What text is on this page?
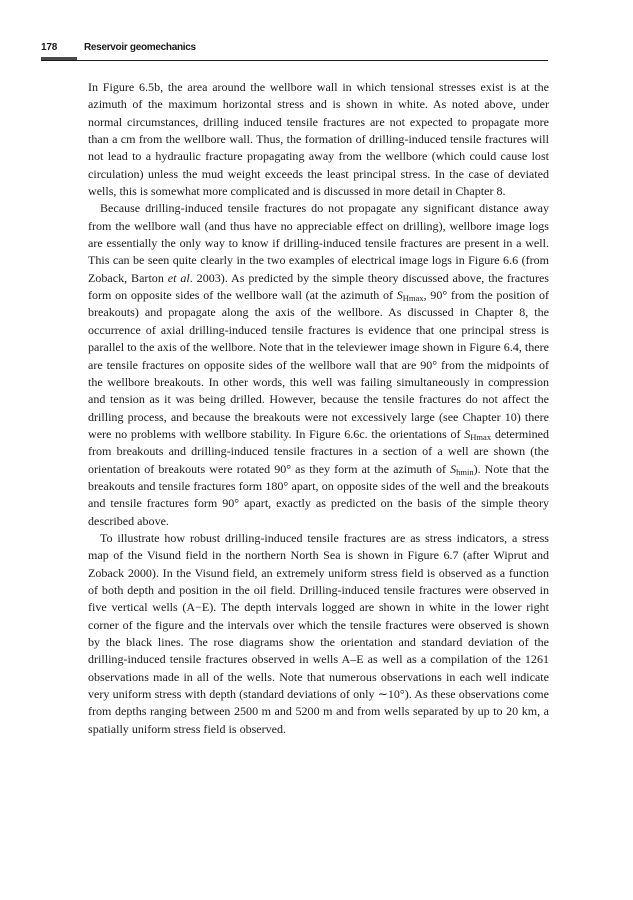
178	Reservoir geomechanics

In Figure 6.5b, the area around the wellbore wall in which tensional stresses exist is at the azimuth of the maximum horizontal stress and is shown in white. As noted above, under normal circumstances, drilling induced tensile fractures are not expected to propagate more than a cm from the wellbore wall. Thus, the formation of drilling-induced tensile fractures will not lead to a hydraulic fracture propagating away from the wellbore (which could cause lost circulation) unless the mud weight exceeds the least principal stress. In the case of deviated wells, this is somewhat more complicated and is discussed in more detail in Chapter 8.

Because drilling-induced tensile fractures do not propagate any significant distance away from the wellbore wall (and thus have no appreciable effect on drilling), wellbore image logs are essentially the only way to know if drilling-induced tensile fractures are present in a well. This can be seen quite clearly in the two examples of electrical image logs in Figure 6.6 (from Zoback, Barton et al. 2003). As predicted by the simple theory discussed above, the fractures form on opposite sides of the wellbore wall (at the azimuth of $S_{Hmax}$, 90° from the position of breakouts) and propagate along the axis of the wellbore. As discussed in Chapter 8, the occurrence of axial drilling-induced tensile fractures is evidence that one principal stress is parallel to the axis of the wellbore. Note that in the televiewer image shown in Figure 6.4, there are tensile fractures on opposite sides of the wellbore wall that are 90° from the midpoints of the wellbore breakouts. In other words, this well was failing simultaneously in compression and tension as it was being drilled. However, because the tensile fractures do not affect the drilling process, and because the breakouts were not excessively large (see Chapter 10) there were no problems with wellbore stability. In Figure 6.6c. the orientations of $S_{Hmax}$ determined from breakouts and drilling-induced tensile fractures in a section of a well are shown (the orientation of breakouts were rotated 90° as they form at the azimuth of $S_{hmin}$). Note that the breakouts and tensile fractures form 180° apart, on opposite sides of the well and the breakouts and tensile fractures form 90° apart, exactly as predicted on the basis of the simple theory described above.

To illustrate how robust drilling-induced tensile fractures are as stress indicators, a stress map of the Visund field in the northern North Sea is shown in Figure 6.7 (after Wiprut and Zoback 2000). In the Visund field, an extremely uniform stress field is observed as a function of both depth and position in the oil field. Drilling-induced tensile fractures were observed in five vertical wells (A−E). The depth intervals logged are shown in white in the lower right corner of the figure and the intervals over which the tensile fractures were observed is shown by the black lines. The rose diagrams show the orientation and standard deviation of the drilling-induced tensile fractures observed in wells A–E as well as a compilation of the 1261 observations made in all of the wells. Note that numerous observations in each well indicate very uniform stress with depth (standard deviations of only ∼10°). As these observations come from depths ranging between 2500 m and 5200 m and from wells separated by up to 20 km, a spatially uniform stress field is observed.
